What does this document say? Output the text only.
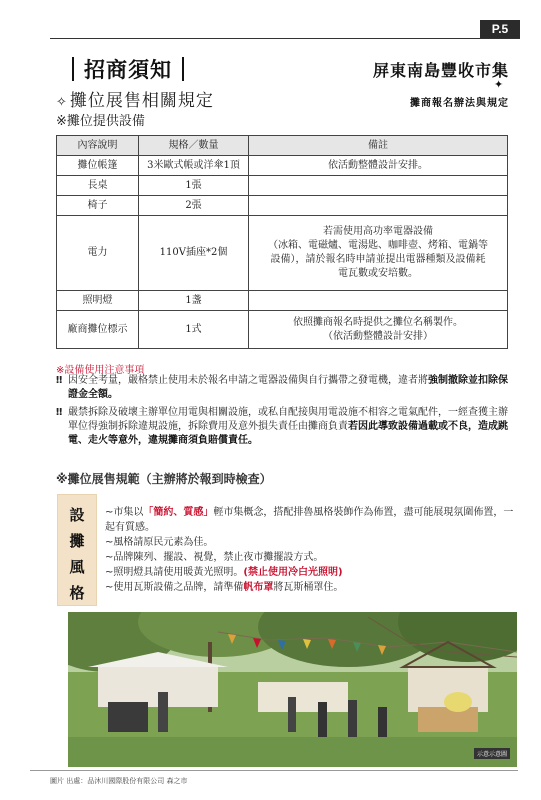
P.5
招商須知	屏東南島豐收市集
✦
攤商報名辦法與規定
✧ 攤位展售相關規定
※攤位提供設備
內容說明	規格／數量	備註
攤位帳篷	3米歐式帳或洋傘1頂	依活動整體設計安排。
長桌	1張	
椅子	2張	
電力	110V插座*2個	若需使用高功率電器設備
（冰箱、電磁爐、電湯匙、咖啡壺、烤箱、電鍋等
設備），請於報名時申請並提出電器種類及設備耗
電瓦數或安培數。

照明燈	1盞	
廠商攤位標示	1式	依照攤商報名時提供之攤位名稱製作。
（依活動整體設計安排）
※設備使用注意事項
‼ 因安全考量，嚴格禁止使用未於報名申請之電器設備與自行攜帶之發電機，違者將強制撤除並扣除保證金全額。
‼ 嚴禁拆除及破壞主辦單位用電與相關設施，或私自配接與用電設施不相容之電氣配件，一經查獲主辦單位得強制拆除違規設施，拆除費用及意外損失責任由攤商負責若因此導致設備過載或不良，造成跳電、走火等意外，違規攤商須負賠償責任。
※攤位展售規範（主辦將於報到時檢查）
設
攤
風
格
~市集以「簡約、質感」輕市集概念，搭配排魯風格裝飾作為佈置，盡可能展現氛圍佈置，一起有質感。
~風格請原民元素為佳。
~品牌陳列、擺設、視覺，禁止夜市攤擺設方式。
~照明燈具請使用暖黃光照明。(禁止使用冷白光照明)
~使用瓦斯設備之品牌，請準備帆布罩將瓦斯桶罩住。
示意示意圖
圖片 出處：品沐川國際股份有限公司 森之市
